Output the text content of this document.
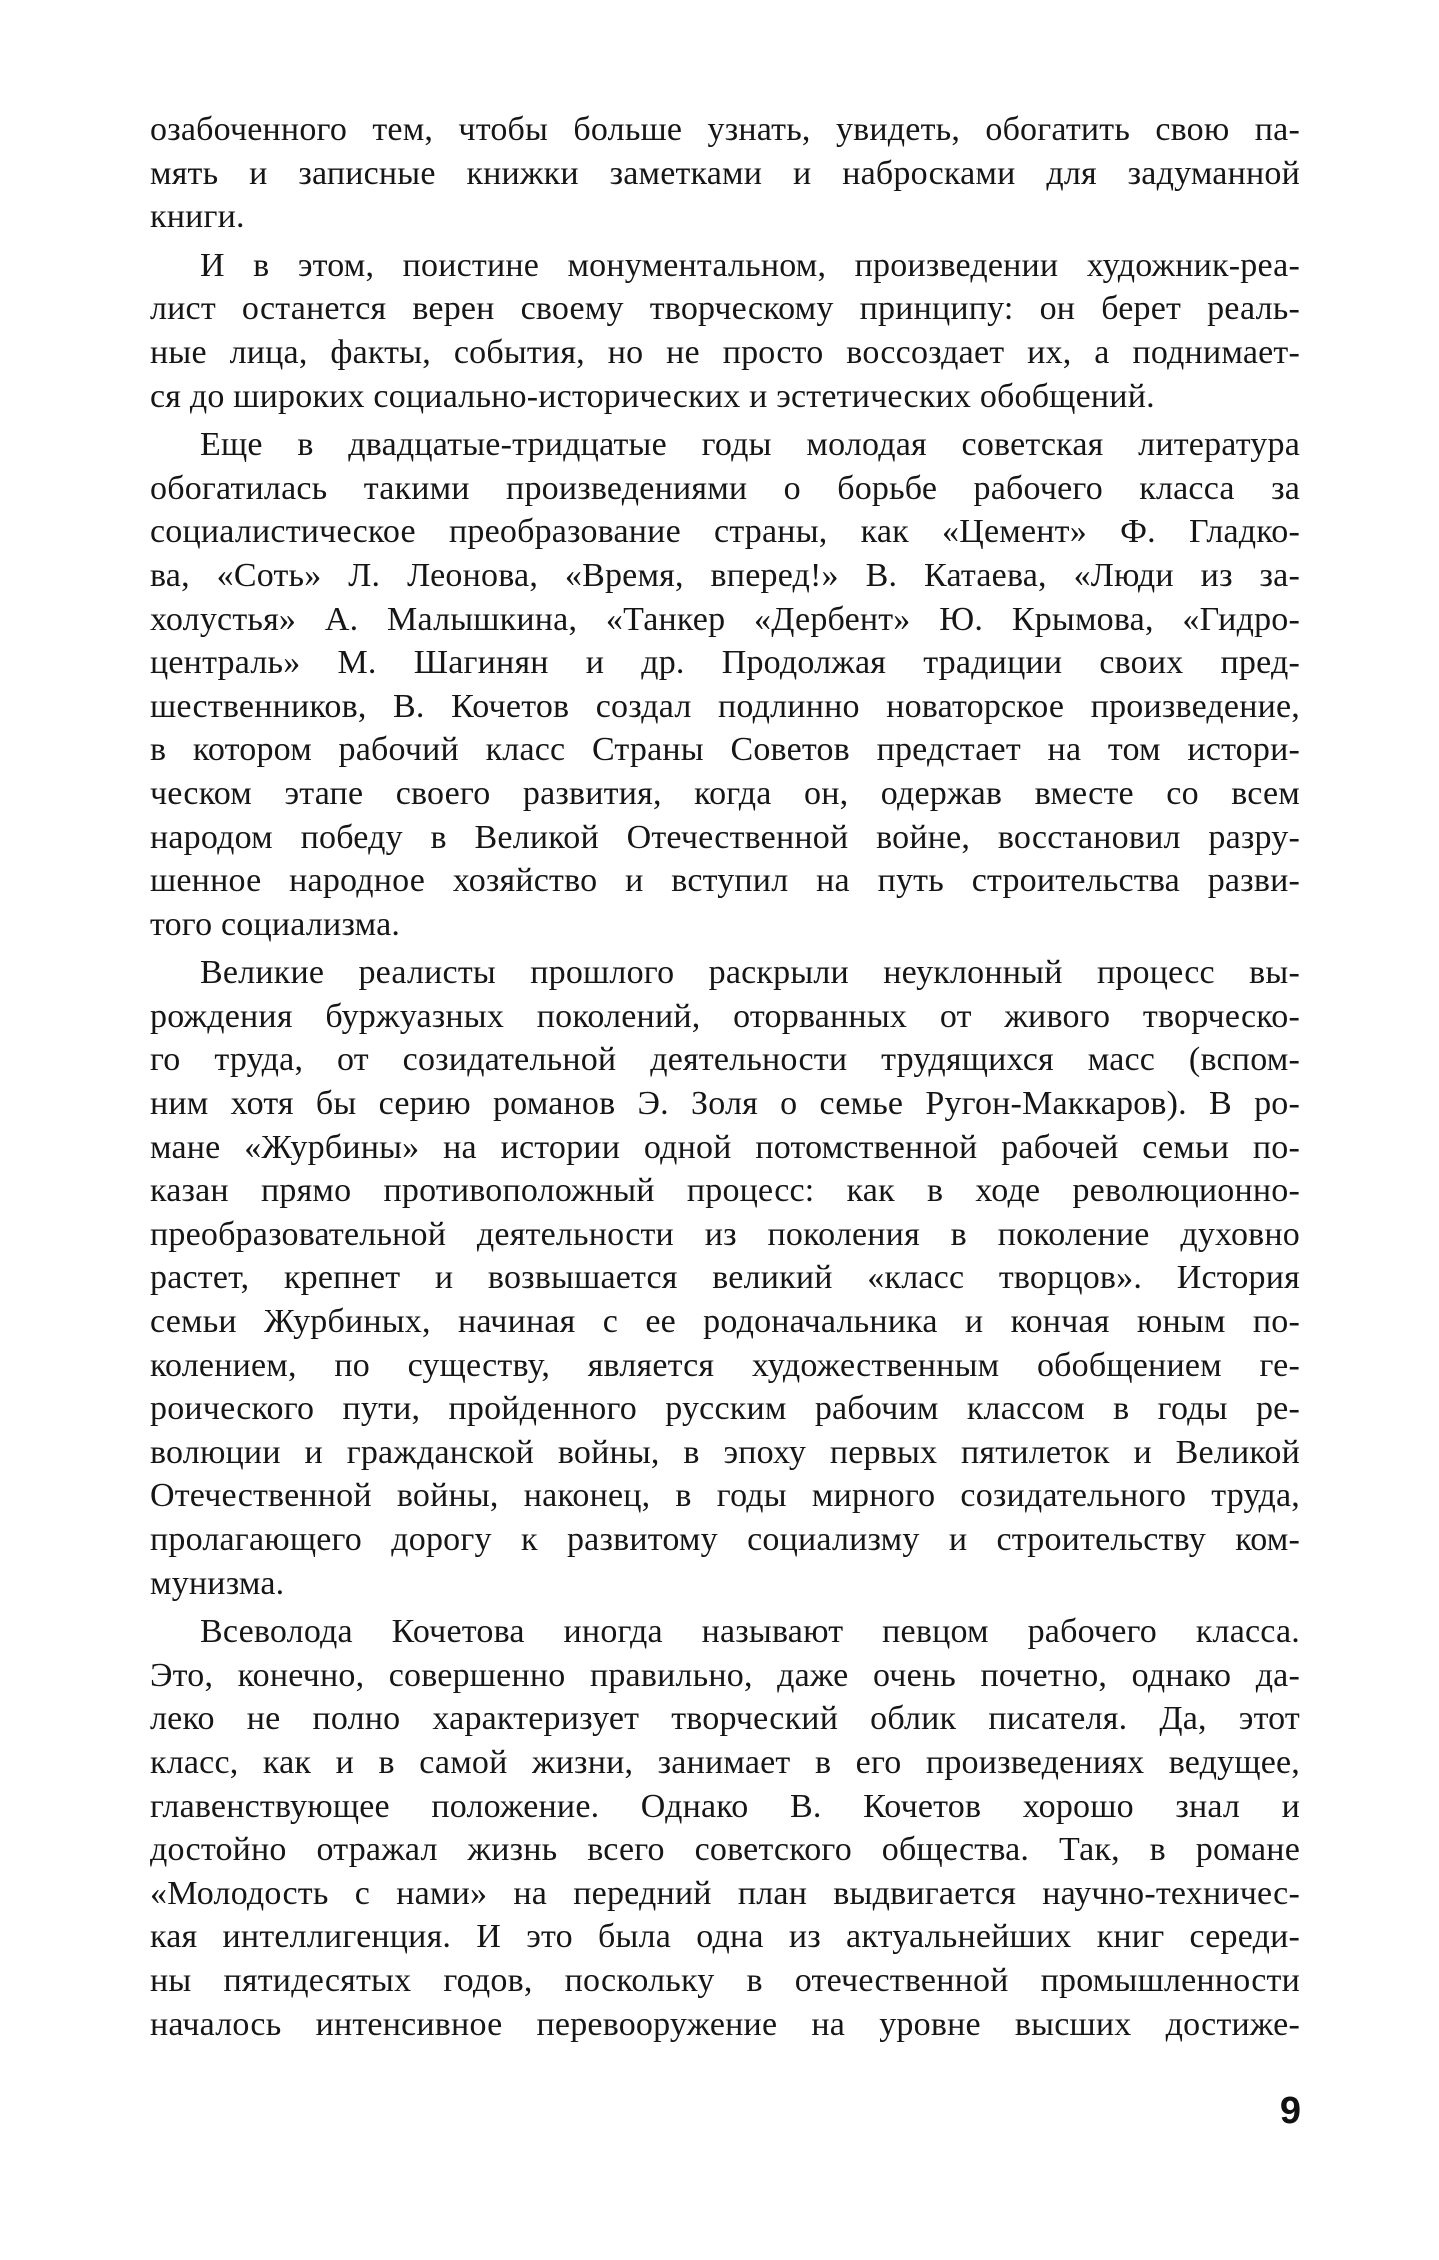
озабоченного тем, чтобы больше узнать, увидеть, обогатить свою па-
мять и записные книжки заметками и набросками для задуманной
книги.
И в этом, поистине монументальном, произведении художник-реа-
лист останется верен своему творческому принципу: он берет реаль-
ные лица, факты, события, но не просто воссоздает их, а поднимает-
ся до широких социально-исторических и эстетических обобщений.
Еще в двадцатые-тридцатые годы молодая советская литература
обогатилась такими произведениями о борьбе рабочего класса за
социалистическое преобразование страны, как «Цемент» Ф. Гладко-
ва, «Соть» Л. Леонова, «Время, вперед!» В. Катаева, «Люди из за-
холустья» А. Малышкина, «Танкер «Дербент» Ю. Крымова, «Гидро-
централь» М. Шагинян и др. Продолжая традиции своих пред-
шественников, В. Кочетов создал подлинно новаторское произведение,
в котором рабочий класс Страны Советов предстает на том истори-
ческом этапе своего развития, когда он, одержав вместе со всем
народом победу в Великой Отечественной войне, восстановил разру-
шенное народное хозяйство и вступил на путь строительства разви-
того социализма.
Великие реалисты прошлого раскрыли неуклонный процесс вы-
рождения буржуазных поколений, оторванных от живого творческо-
го труда, от созидательной деятельности трудящихся масс (вспом-
ним хотя бы серию романов Э. Золя о семье Ругон-Маккаров). В ро-
мане «Журбины» на истории одной потомственной рабочей семьи по-
казан прямо противоположный процесс: как в ходе революционно-
преобразовательной деятельности из поколения в поколение духовно
растет, крепнет и возвышается великий «класс творцов». История
семьи Журбиных, начиная с ее родоначальника и кончая юным по-
колением, по существу, является художественным обобщением ге-
роического пути, пройденного русским рабочим классом в годы ре-
волюции и гражданской войны, в эпоху первых пятилеток и Великой
Отечественной войны, наконец, в годы мирного созидательного труда,
пролагающего дорогу к развитому социализму и строительству ком-
мунизма.
Всеволода Кочетова иногда называют певцом рабочего класса.
Это, конечно, совершенно правильно, даже очень почетно, однако да-
леко не полно характеризует творческий облик писателя. Да, этот
класс, как и в самой жизни, занимает в его произведениях ведущее,
главенствующее положение. Однако В. Кочетов хорошо знал и
достойно отражал жизнь всего советского общества. Так, в романе
«Молодость с нами» на передний план выдвигается научно-техничес-
кая интеллигенция. И это была одна из актуальнейших книг середи-
ны пятидесятых годов, поскольку в отечественной промышленности
началось интенсивное перевооружение на уровне высших достиже-
9
